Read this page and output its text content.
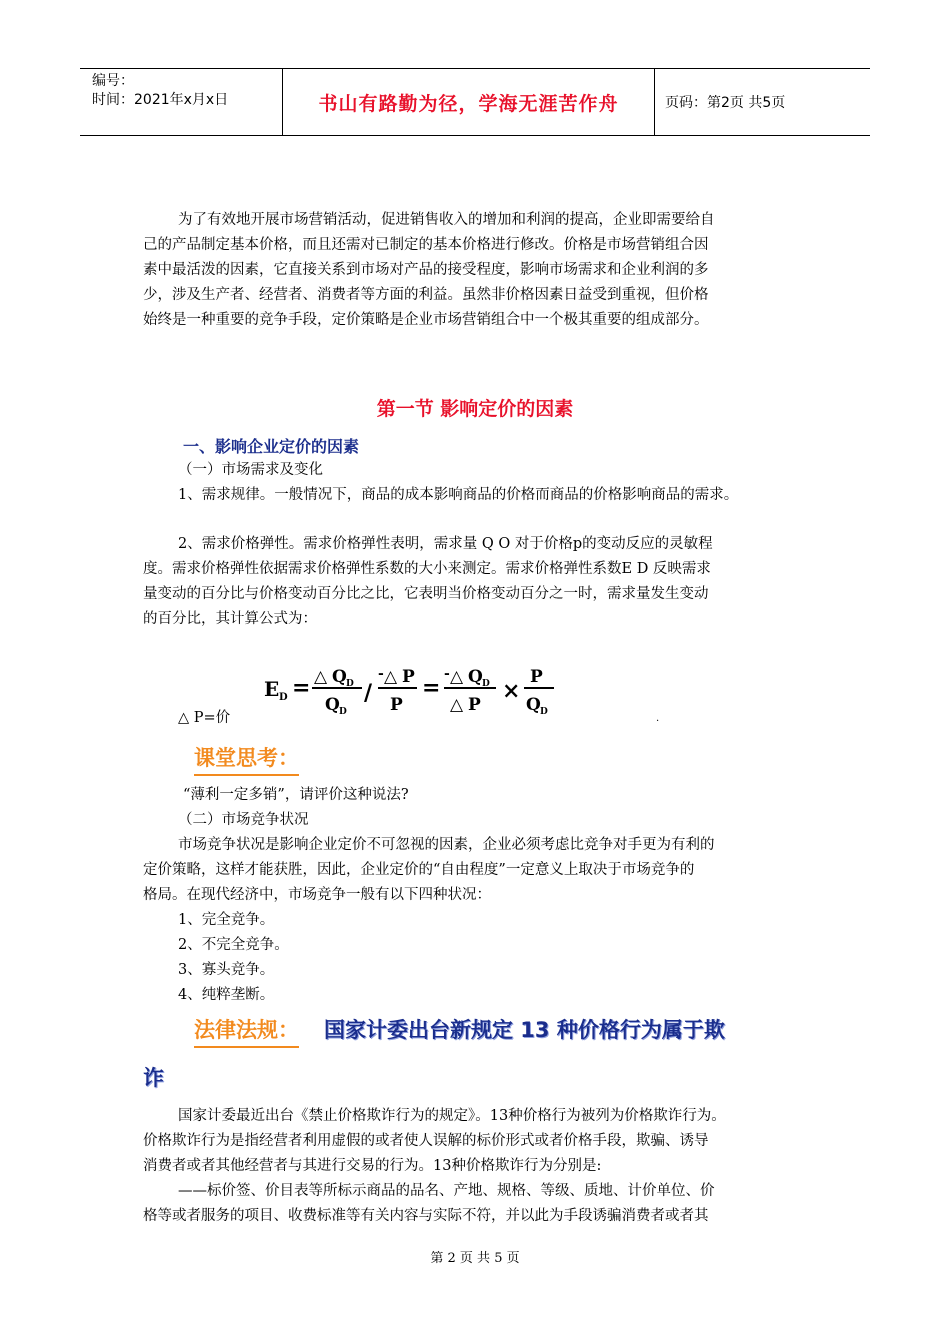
编号：
时间：2021年x月x日	书山有路勤为径，学海无涯苦作舟	页码：第2页 共5页
为了有效地开展市场营销活动，促进销售收入的增加和利润的提高，企业即需要给自
己的产品制定基本价格，而且还需对已制定的基本价格进行修改。价格是市场营销组合因
素中最活泼的因素，它直接关系到市场对产品的接受程度，影响市场需求和企业利润的多
少，涉及生产者、经营者、消费者等方面的利益。虽然非价格因素日益受到重视，但价格
始终是一种重要的竞争手段，定价策略是企业市场营销组合中一个极其重要的组成部分。
第一节 影响定价的因素
一、影响企业定价的因素
（一）市场需求及变化
1、需求规律。一般情况下，商品的成本影响商品的价格而商品的价格影响商品的需求。
2、需求价格弹性。需求价格弹性表明，需求量 Q O 对于价格p的变动反应的灵敏程
度。需求价格弹性依据需求价格弹性系数的大小来测定。需求价格弹性系数E D 反映需求
量变动的百分比与价格变动百分比之比，它表明当价格变动百分之一时，需求量发生变动
的百分比，其计算公式为：
E D = △ Q D
Q D
/
- △ P
P
=
- △ Q D
△ P
×
P
Q D
△ P=价	.
课堂思考：
“薄利一定多销”，请评价这种说法?
（二）市场竞争状况
市场竞争状况是影响企业定价不可忽视的因素，企业必须考虑比竞争对手更为有利的
定价策略，这样才能获胜，因此，企业定价的“自由程度”一定意义上取决于市场竞争的
格局。在现代经济中，市场竞争一般有以下四种状况：
1、完全竞争。
2、不完全竞争。
3、寡头竞争。
4、纯粹垄断。
法律法规： 国家计委出台新规定 13 种价格行为属于欺
诈
国家计委最近出台《禁止价格欺诈行为的规定》。13种价格行为被列为价格欺诈行为。
价格欺诈行为是指经营者利用虚假的或者使人误解的标价形式或者价格手段，欺骗、诱导
消费者或者其他经营者与其进行交易的行为。13种价格欺诈行为分别是:
——标价签、价目表等所标示商品的品名、产地、规格、等级、质地、计价单位、价
格等或者服务的项目、收费标准等有关内容与实际不符，并以此为手段诱骗消费者或者其
第 2 页 共 5 页
